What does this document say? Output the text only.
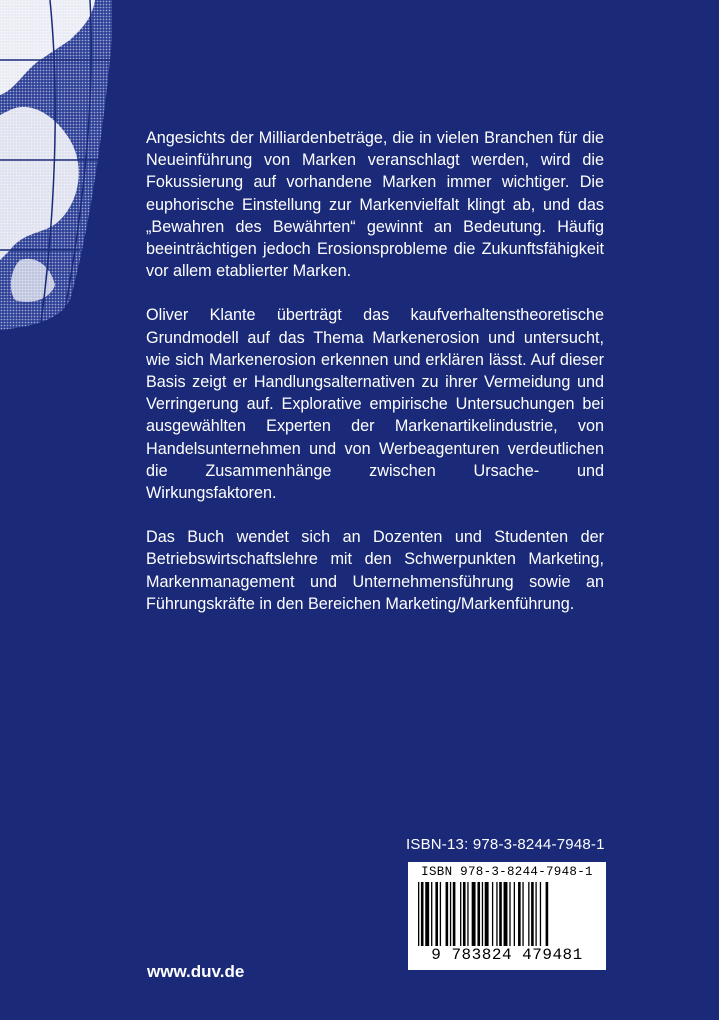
Angesichts der Milliardenbeträge, die in vielen Branchen für die Neueinführung von Marken veranschlagt werden, wird die Fokussierung auf vorhandene Marken immer wichtiger. Die euphorische Einstellung zur Markenvielfalt klingt ab, und das „Bewahren des Bewährten“ gewinnt an Bedeutung. Häufig beeinträchtigen jedoch Erosionsprobleme die Zukunftsfähigkeit vor allem etablierter Marken.

Oliver Klante überträgt das kaufverhaltenstheoretische Grundmodell auf das Thema Markenerosion und untersucht, wie sich Markenerosion erkennen und erklären lässt. Auf dieser Basis zeigt er Handlungsalternativen zu ihrer Vermeidung und Verringerung auf. Explorative empirische Untersuchungen bei ausgewählten Experten der Markenartikelindustrie, von Handelsunternehmen und von Werbeagenturen verdeutlichen die Zusammenhänge zwischen Ursache- und Wirkungsfaktoren.

Das Buch wendet sich an Dozenten und Studenten der Betriebswirtschaftslehre mit den Schwerpunkten Marketing, Markenmanagement und Unternehmensführung sowie an Führungskräfte in den Bereichen Marketing/Markenführung.

ISBN-13: 978-3-8244-7948-1
ISBN 978-3-8244-7948-1
9 783824 479481
www.duv.de
